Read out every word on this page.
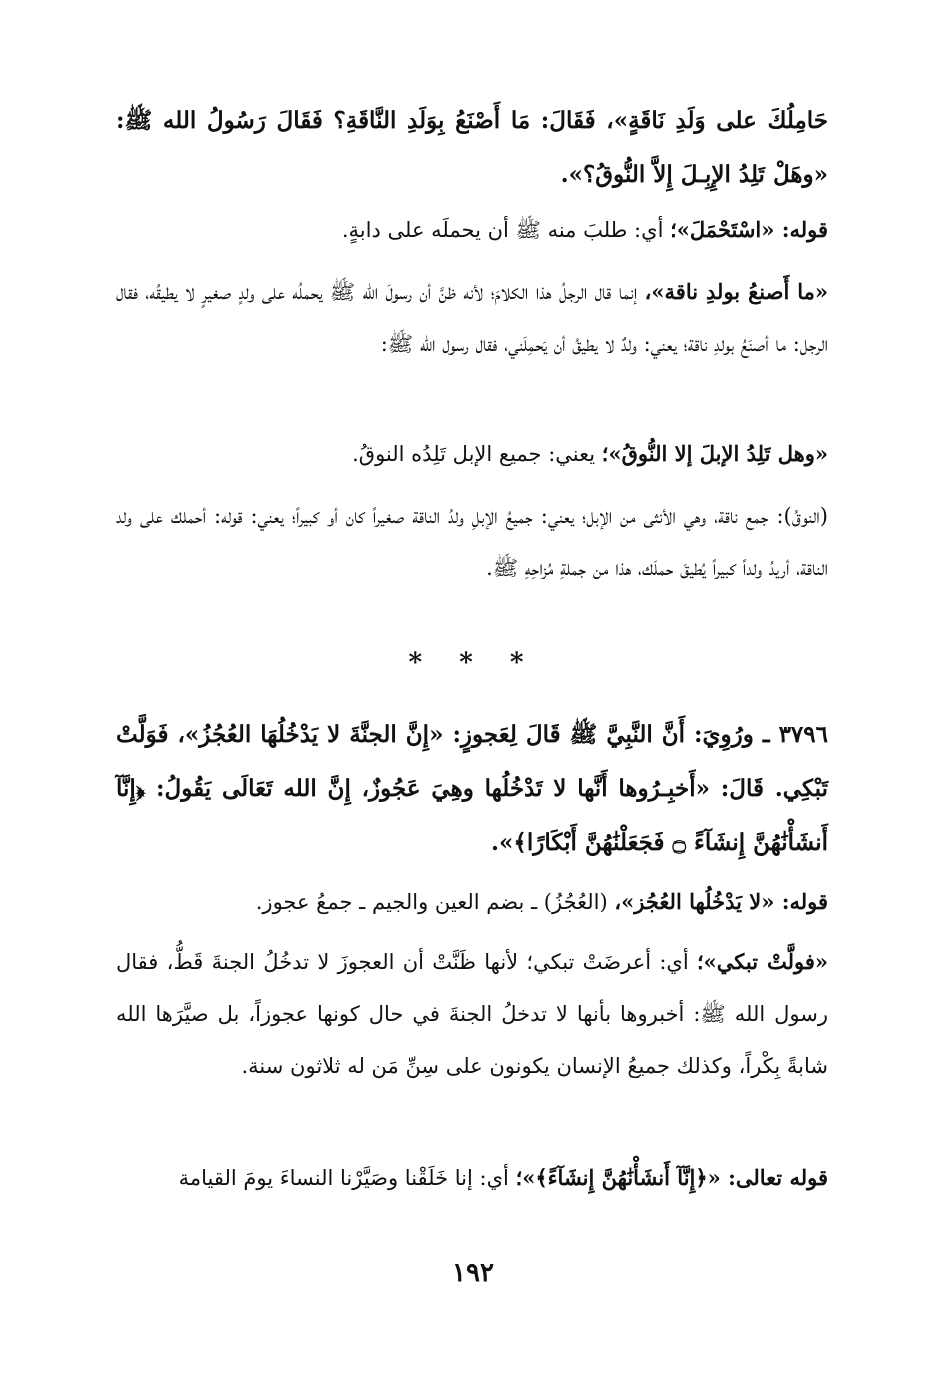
حَامِلُكَ على وَلَدِ نَاقَةٍ»، فَقَالَ: مَا أَصْنَعُ بِوَلَدِ النَّاقَةِ؟ فَقَالَ رَسُولُ الله ﷺ: «وهَلْ تَلِدُ الإِبِـلَ إِلاَّ النُّوقُ؟».

قوله: «اسْتَحْمَلَ»؛ أي: طلبَ منه ﷺ أن يحملَه على دابةٍ.

«ما أَصنعُ بولدِ ناقة»، إنما قال الرجلُ هذا الكلامَ؛ لأنه ظنَّ أن رسولَ الله ﷺ يحملُه على ولدٍ صغيرٍ لا يطيقُه، فقال الرجل: ما أصنَعُ بولدِ ناقة؛ يعني: ولدٌ لا يطيقُ أن يَحمِلَني، فقال رسول الله ﷺ:

«وهل تَلِدُ الإبلَ إلا النُّوقُ»؛ يعني: جميع الإبل تَلِدُه النوقُ.

(النوقُ): جمع ناقة، وهي الأنثى من الإبل؛ يعني: جميعُ الإبلِ ولدُ الناقة صغيراً كان أو كبيراً؛ يعني: قوله: أحملك على ولد الناقة، أريدُ ولداً كبيراً يُطيقَ حملَك، هذا من جملةِ مُزاحِهِ ﷺ.

* * *

٣٧٩٦ ـ ورُوِيَ: أَنَّ النَّبِيَّ ﷺ قَالَ لِعَجوزٍ: «إِنَّ الجنَّةَ لا يَدْخُلُهَا العُجُزُ»، فَوَلَّتْ تَبْكِي. قَالَ: «أَخبِـرُوها أَنَّها لا تَدْخُلُها وهِيَ عَجُوزٌ، إِنَّ الله تَعَالَى يَقُولُ: ﴿إِنَّآ أَنشَأْنَٰهُنَّ إِنشَآءً ۝ فَجَعَلْنَٰهُنَّ أَبْكَارًا﴾».

قوله: «لا يَدْخُلُها العُجُز»، (العُجُزُ) ـ بضم العين والجيم ـ جمعُ عجوز.

«فولَّتْ تبكي»؛ أي: أعرضَتْ تبكي؛ لأنها ظَنَّتْ أن العجوزَ لا تدخُلُ الجنةَ قَطُّ، فقال رسول الله ﷺ: أخبروها بأنها لا تدخلُ الجنةَ في حال كونها عجوزاً، بل صيَّرَها الله شابةً بِكْراً، وكذلك جميعُ الإنسان يكونون على سِنِّ مَن له ثلاثون سنة.

قوله تعالى: «﴿إِنَّآ أَنشَأْنَٰهُنَّ إِنشَآءً﴾»؛ أي: إنا خَلَقْنا وصَيَّرْنا النساءَ يومَ القيامة

١٩٢
